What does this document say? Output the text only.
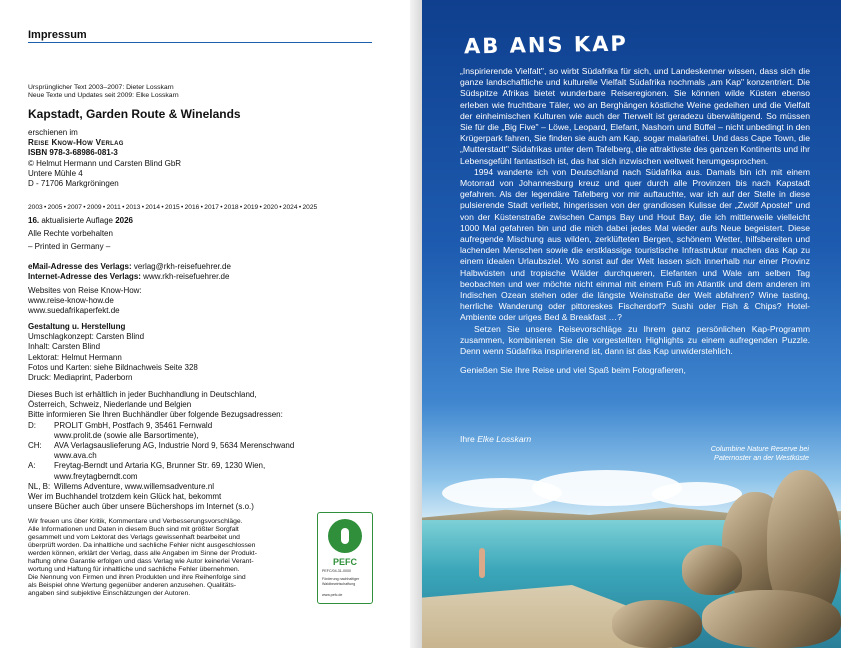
Impressum
Ursprünglicher Text 2003–2007: Dieter Losskarn
Neue Texte und Updates seit 2009: Elke Losskarn
Kapstadt, Garden Route & Winelands
erschienen im
Reise Know-How Verlag
ISBN 978-3-68986-081-3
© Helmut Hermann und Carsten Blind GbR
Untere Mühle 4
D - 71706 Markgröningen
2003 • 2005 • 2007 • 2009 • 2011 • 2013 • 2014 • 2015 • 2016 • 2017 • 2018 • 2019 • 2020 • 2024 • 2025
16. aktualisierte Auflage 2026
Alle Rechte vorbehalten
– Printed in Germany –
eMail-Adresse des Verlags: verlag@rkh-reisefuehrer.de
Internet-Adresse des Verlags: www.rkh-reisefuehrer.de
Websites von Reise Know-How:
www.reise-know-how.de
www.suedafrikaperfekt.de
Gestaltung u. Herstellung
Umschlagkonzept: Carsten Blind
Inhalt: Carsten Blind
Lektorat: Helmut Hermann
Fotos und Karten: siehe Bildnachweis Seite 328
Druck: Mediaprint, Paderborn
Dieses Buch ist erhältlich in jeder Buchhandlung in Deutschland,
Österreich, Schweiz, Niederlande und Belgien
Bitte informieren Sie Ihren Buchhändler über folgende Bezugsadressen:
D:	PROLIT GmbH, Postfach 9, 35461 Fernwald
www.prolit.de (sowie alle Barsortimente),
CH:	AVA Verlagsauslieferung AG, Industrie Nord 9, 5634 Merenschwand
www.ava.ch
A:	Freytag-Berndt und Artaria KG, Brunner Str. 69, 1230 Wien,
www.freytagberndt.com
NL, B: Willems Adventure, www.willemsadventure.nl
Wer im Buchhandel trotzdem kein Glück hat, bekommt
unsere Bücher auch über unsere Büchershops im Internet (s.o.)
Wir freuen uns über Kritik, Kommentare und Verbesserungsvorschläge.
Alle Informationen und Daten in diesem Buch sind mit größter Sorgfalt
gesammelt und vom Lektorat des Verlags gewissenhaft bearbeitet und
überprüft worden. Da inhaltliche und sachliche Fehler nicht ausgeschlossen
werden können, erklärt der Verlag, dass alle Angaben im Sinne der Produkt-
haftung ohne Garantie erfolgen und dass Verlag wie Autor keinerlei Verant-
wortung und Haftung für inhaltliche und sachliche Fehler übernehmen.
Die Nennung von Firmen und ihren Produkten und ihre Reihenfolge sind
als Beispiel ohne Wertung gegenüber anderen anzusehen. Qualitäts-
angaben sind subjektive Einschätzungen der Autoren.
PEFC
PEFC/04-31-0000
Förderung nachhaltiger Waldbewirtschaftung
www.pefc.de
AB ANS KAP

„Inspirierende Vielfalt", so wirbt Südafrika für sich, und Landeskenner wissen, dass sich die ganze landschaftliche und kulturelle Vielfalt Südafrika nochmals „am Kap" konzentriert. Die Südspitze Afrikas bietet wunderbare Reiseregionen. Sie können wilde Küsten ebenso erleben wie fruchtbare Täler, wo an Berghängen köstliche Weine gedeihen und die Vielfalt der einheimischen Kulturen wie auch der Tierwelt ist geradezu überwältigend. So müssen Sie für die „Big Five" – Löwe, Leopard, Elefant, Nashorn und Büffel – nicht unbedingt in den Krügerpark fahren, Sie finden sie auch am Kap, sogar malariafrei. Und dass Cape Town, die „Mutterstadt" Südafrikas unter dem Tafelberg, die attraktivste des ganzen Kontinents und ihr Lebensgefühl fantastisch ist, das hat sich inzwischen weltweit herumgesprochen.

1994 wanderte ich von Deutschland nach Südafrika aus. Damals bin ich mit einem Motorrad von Johannesburg kreuz und quer durch alle Provinzen bis nach Kapstadt gefahren. Als der legendäre Tafelberg vor mir auftauchte, war ich auf der Stelle in diese pulsierende Stadt verliebt, hingerissen von der grandiosen Kulisse der „Zwölf Apostel" und von der Küstenstraße zwischen Camps Bay und Hout Bay, die ich mittlerweile vielleicht 1000 Mal gefahren bin und die mich dabei jedes Mal wieder aufs Neue begeistert. Diese aufregende Mischung aus wilden, zerklüfteten Bergen, schönem Wetter, hilfsbereiten und lachenden Menschen sowie die erstklassige touristische Infrastruktur machen das Kap zu einem idealen Urlaubsziel. Wo sonst auf der Welt lassen sich innerhalb nur einer Provinz Halbwüsten und tropische Wälder durchqueren, Elefanten und Wale am selben Tag beobachten und wer möchte nicht einmal mit einem Fuß im Atlantik und dem anderen im Indischen Ozean stehen oder die längste Weinstraße der Welt abfahren? Wine tasting, herrliche Wanderung oder pittoreskes Fischerdorf? Sushi oder Fish & Chips? Hotel-Ambiente oder uriges Bed & Breakfast …?

Setzen Sie unsere Reisevorschläge zu Ihrem ganz persönlichen Kap-Programm zusammen, kombinieren Sie die vorgestellten Highlights zu einem aufregenden Puzzle. Denn wenn Südafrika inspirierend ist, dann ist das Kap unwiderstehlich.

Genießen Sie Ihre Reise und viel Spaß beim Fotografieren,

Ihre Elke Losskarn
Columbine Nature Reserve bei
Paternoster an der Westküste
